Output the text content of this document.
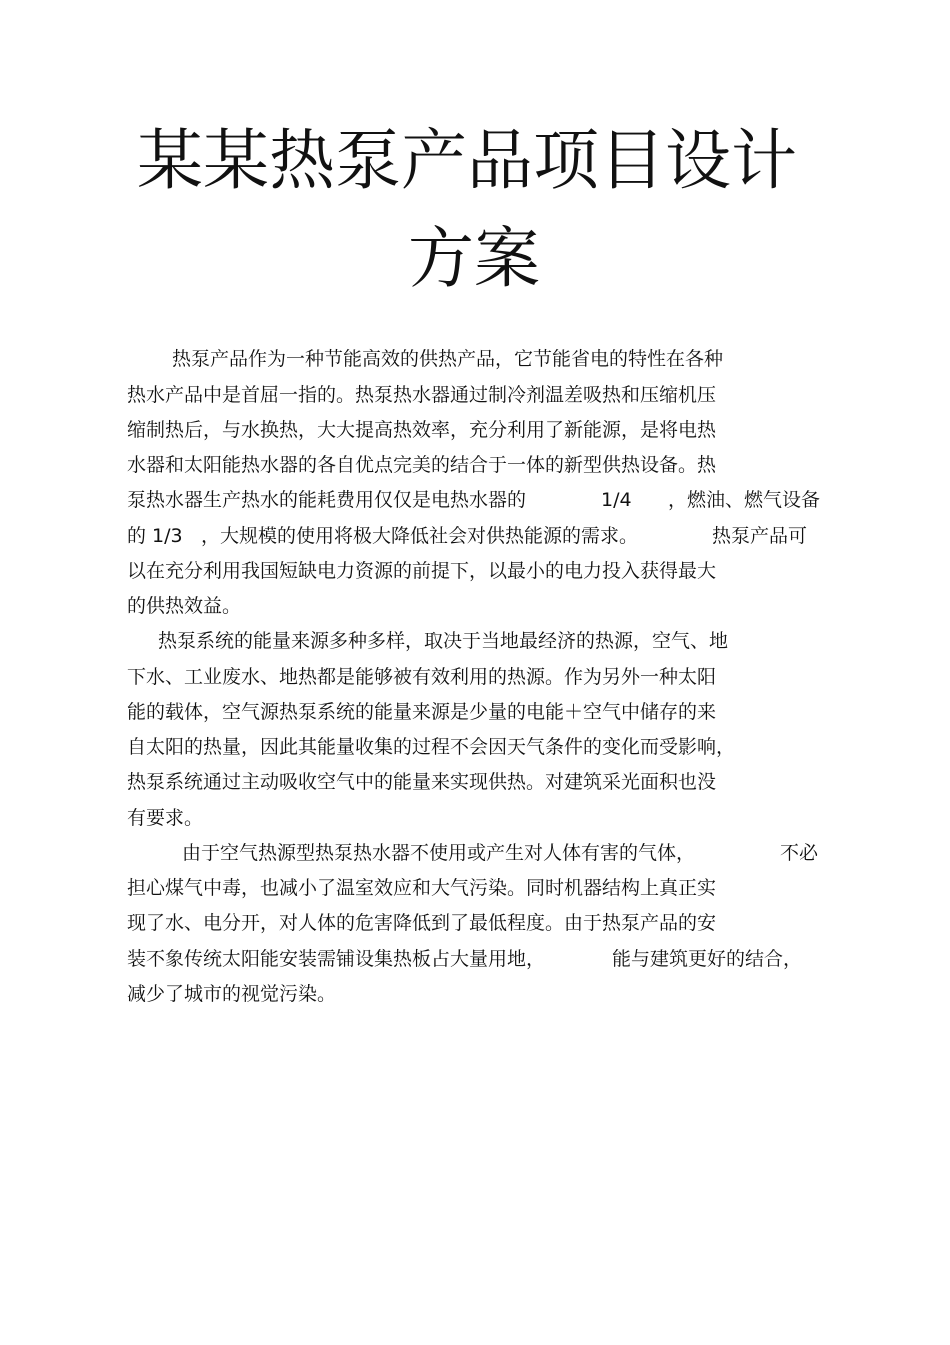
某某热泵产品项目设计
方案
热泵产品作为一种节能高效的供热产品，它节能省电的特性在各种
热水产品中是首屈一指的。热泵热水器通过制冷剂温差吸热和压缩机压
缩制热后，与水换热，大大提高热效率，充分利用了新能源，是将电热
水器和太阳能热水器的各自优点完美的结合于一体的新型供热设备。热
泵热水器生产热水的能耗费用仅仅是电热水器的	1/4 ，燃油、燃气设备
的 1/3 ，大规模的使用将极大降低社会对供热能源的需求。	热泵产品可
以在充分利用我国短缺电力资源的前提下，以最小的电力投入获得最大
的供热效益。
热泵系统的能量来源多种多样，取决于当地最经济的热源，空气、地
下水、工业废水、地热都是能够被有效利用的热源。作为另外一种太阳
能的载体，空气源热泵系统的能量来源是少量的电能＋空气中储存的来
自太阳的热量，因此其能量收集的过程不会因天气条件的变化而受影响，
热泵系统通过主动吸收空气中的能量来实现供热。对建筑采光面积也没
有要求。
由于空气热源型热泵热水器不使用或产生对人体有害的气体，	不必
担心煤气中毒，也减小了温室效应和大气污染。同时机器结构上真正实
现了水、电分开，对人体的危害降低到了最低程度。由于热泵产品的安
装不象传统太阳能安装需铺设集热板占大量用地，	能与建筑更好的结合，
减少了城市的视觉污染。
